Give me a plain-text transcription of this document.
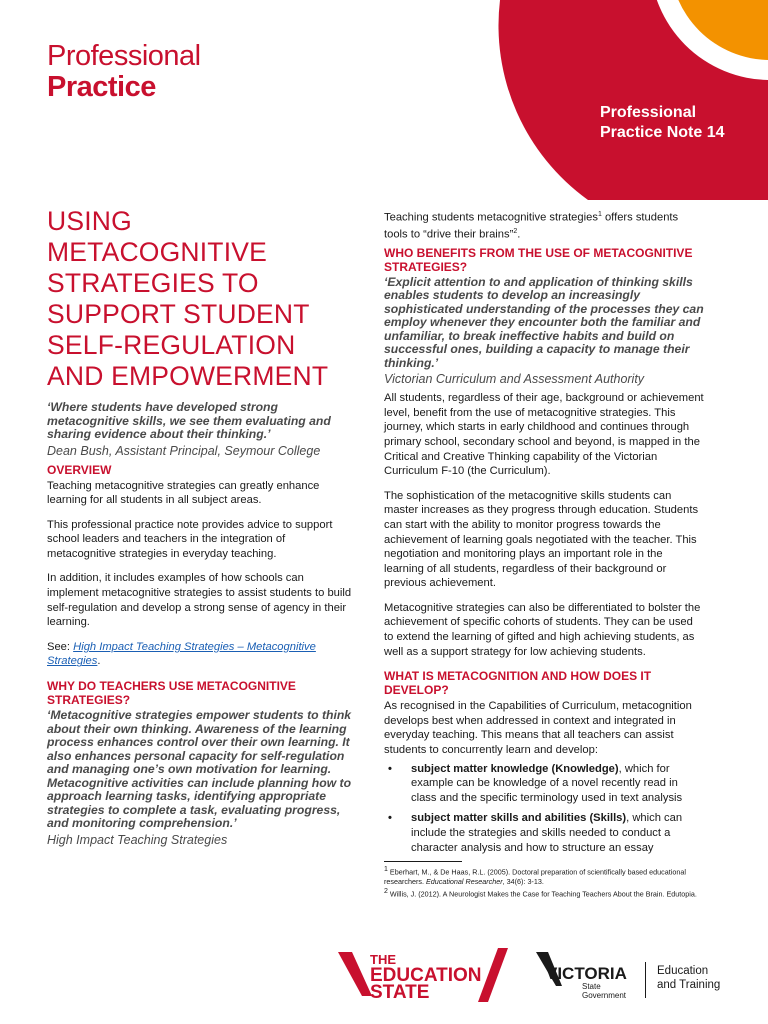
Professional
Practice
Professional
Practice Note 14
USING
METACOGNITIVE
STRATEGIES TO
SUPPORT STUDENT
SELF-REGULATION
AND EMPOWERMENT

‘Where students have developed strong metacognitive skills, we see them evaluating and sharing evidence about their thinking.’

Dean Bush, Assistant Principal, Seymour College

OVERVIEW

Teaching metacognitive strategies can greatly enhance learning for all students in all subject areas.

This professional practice note provides advice to support school leaders and teachers in the integration of metacognitive strategies in everyday teaching.

In addition, it includes examples of how schools can implement metacognitive strategies to assist students to build self-regulation and develop a strong sense of agency in their learning.

See: High Impact Teaching Strategies – Metacognitive Strategies.

WHY DO TEACHERS USE METACOGNITIVE STRATEGIES?

‘Metacognitive strategies empower students to think about their own thinking. Awareness of the learning process enhances control over their own learning. It also enhances personal capacity for self-regulation and managing one’s own motivation for learning. Metacognitive activities can include planning how to approach learning tasks, identifying appropriate strategies to complete a task, evaluating progress, and monitoring comprehension.’

High Impact Teaching Strategies

Teaching students metacognitive strategies$^1$ offers students tools to “drive their brains”$^2$.

WHO BENEFITS FROM THE USE OF METACOGNITIVE STRATEGIES?

‘Explicit attention to and application of thinking skills enables students to develop an increasingly sophisticated understanding of the processes they can employ whenever they encounter both the familiar and unfamiliar, to break ineffective habits and build on successful ones, building a capacity to manage their thinking.’

Victorian Curriculum and Assessment Authority

All students, regardless of their age, background or achievement level, benefit from the use of metacognitive strategies. This journey, which starts in early childhood and continues through primary school, secondary school and beyond, is mapped in the Critical and Creative Thinking capability of the Victorian Curriculum F-10 (the Curriculum).

The sophistication of the metacognitive skills students can master increases as they progress through education. Students can start with the ability to monitor progress towards the achievement of learning goals negotiated with the teacher. This negotiation and monitoring plays an important role in the learning of all students, regardless of their background or previous achievement.

Metacognitive strategies can also be differentiated to bolster the achievement of specific cohorts of students. They can be used to extend the learning of gifted and high achieving students, as well as a support strategy for low achieving students.

WHAT IS METACOGNITION AND HOW DOES IT DEVELOP?

As recognised in the Capabilities of Curriculum, metacognition develops best when addressed in context and integrated in everyday teaching. This means that all teachers can assist students to concurrently learn and develop:

• subject matter knowledge (Knowledge), which for example can be knowledge of a novel recently read in class and the specific terminology used in text analysis
• subject matter skills and abilities (Skills), which can include the strategies and skills needed to conduct a character analysis and how to structure an essay

$^1$ Eberhart, M., & De Haas, R.L. (2005). Doctoral preparation of scientifically based educational researchers. Educational Researcher, 34(6): 3-13.

$^2$ Willis, J. (2012). A Neurologist Makes the Case for Teaching Teachers About the Brain. Edutopia.

THE
EDUCATION
STATE
VICTORIA
State
Government
Education
and Training
